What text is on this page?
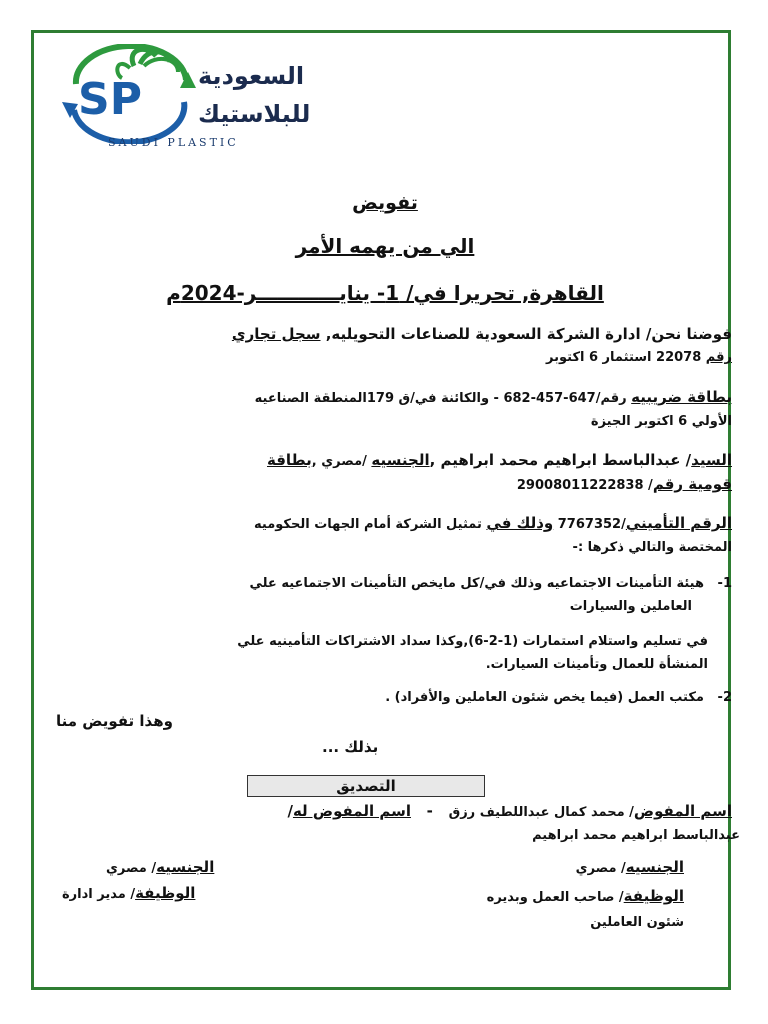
SP السعودية
للبلاستيك
SAUDI PLASTIC
تفويض
الي من يهمه الأمر
القاهرة, تحريرا في/ 1- ينايــــــــــــر-2024م
فوضنا نحن/ ادارة الشركة السعودية للصناعات التحويليه, سجل تجاري
رقم 22078 استثمار 6 اكتوبر
بطاقة ضريبيه رقم/647-457-682 - والكائنة في/ق 179المنطقة الصناعيه
الأولي 6 اكتوبر الجيزة
السيد/ عبدالباسط ابراهيم محمد ابراهيم ,الجنسيه /مصري ,بطاقة
قومية رقم/ 29008011222838
الرقم التأميني/7767352 وذلك في تمثيل الشركة أمام الجهات الحكوميه
المختصة والتالي ذكرها :-
1-   هيئة التأمينات الاجتماعيه وذلك في/كل مايخص التأمينات الاجتماعيه علي
العاملين والسيارات
في تسليم واستلام استمارات (1-2-6),وكذا سداد الاشتراكات التأمينيه علي
المنشأة للعمال وتأمينات السيارات.
2-   مكتب العمل (فيما يخص شئون العاملين والأفراد) .
وهذا تفويض منا
بذلك ...
التصديق
اسم المفوض/ محمد كمال عبداللطيف رزق   -   اسم المفوض له/
عبدالباسط ابراهيم محمد ابراهيم
الجنسيه/ مصري
الجنسيه/ مصري
الوظيفة/ صاحب العمل وبديره
شئون العاملين
الوظيفة/ مدير ادارة
